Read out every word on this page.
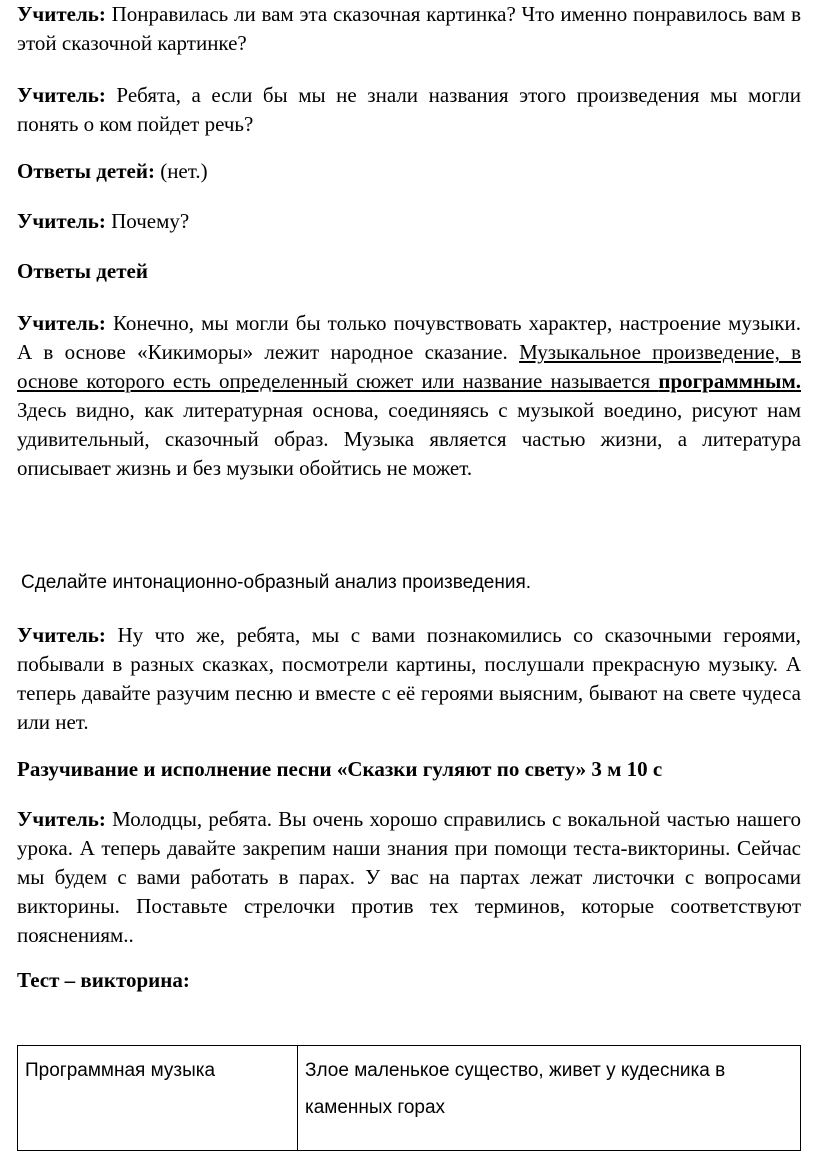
Учитель: Понравилась ли вам эта сказочная картинка? Что именно понравилось вам в этой сказочной картинке?

Учитель: Ребята, а если бы мы не знали названия этого произведения мы могли понять о ком пойдет речь?

Ответы детей: (нет.)

Учитель: Почему?

Ответы детей

Учитель: Конечно, мы могли бы только почувствовать характер, настроение музыки. А в основе «Кикиморы» лежит народное сказание. Музыкальное произведение, в основе которого есть определенный сюжет или название называется программным. Здесь видно, как литературная основа, соединяясь с музыкой воедино, рисуют нам удивительный, сказочный образ. Музыка является частью жизни, а литература описывает жизнь и без музыки обойтись не может.

Сделайте интонационно-образный анализ произведения.

Учитель: Ну что же, ребята, мы с вами познакомились со сказочными героями, побывали в разных сказках, посмотрели картины, послушали прекрасную музыку. А теперь давайте разучим песню и вместе с её героями выясним, бывают на свете чудеса или нет.

Разучивание и исполнение песни «Сказки гуляют по свету» 3 м 10 с

Учитель: Молодцы, ребята. Вы очень хорошо справились с вокальной частью нашего урока. А теперь давайте закрепим наши знания при помощи теста-викторины. Сейчас мы будем с вами работать в парах. У вас на партах лежат листочки с вопросами викторины. Поставьте стрелочки против тех терминов, которые соответствуют пояснениям..

Тест – викторина:

Программная музыка	Злое маленькое существо, живет у кудесника в каменных горах
